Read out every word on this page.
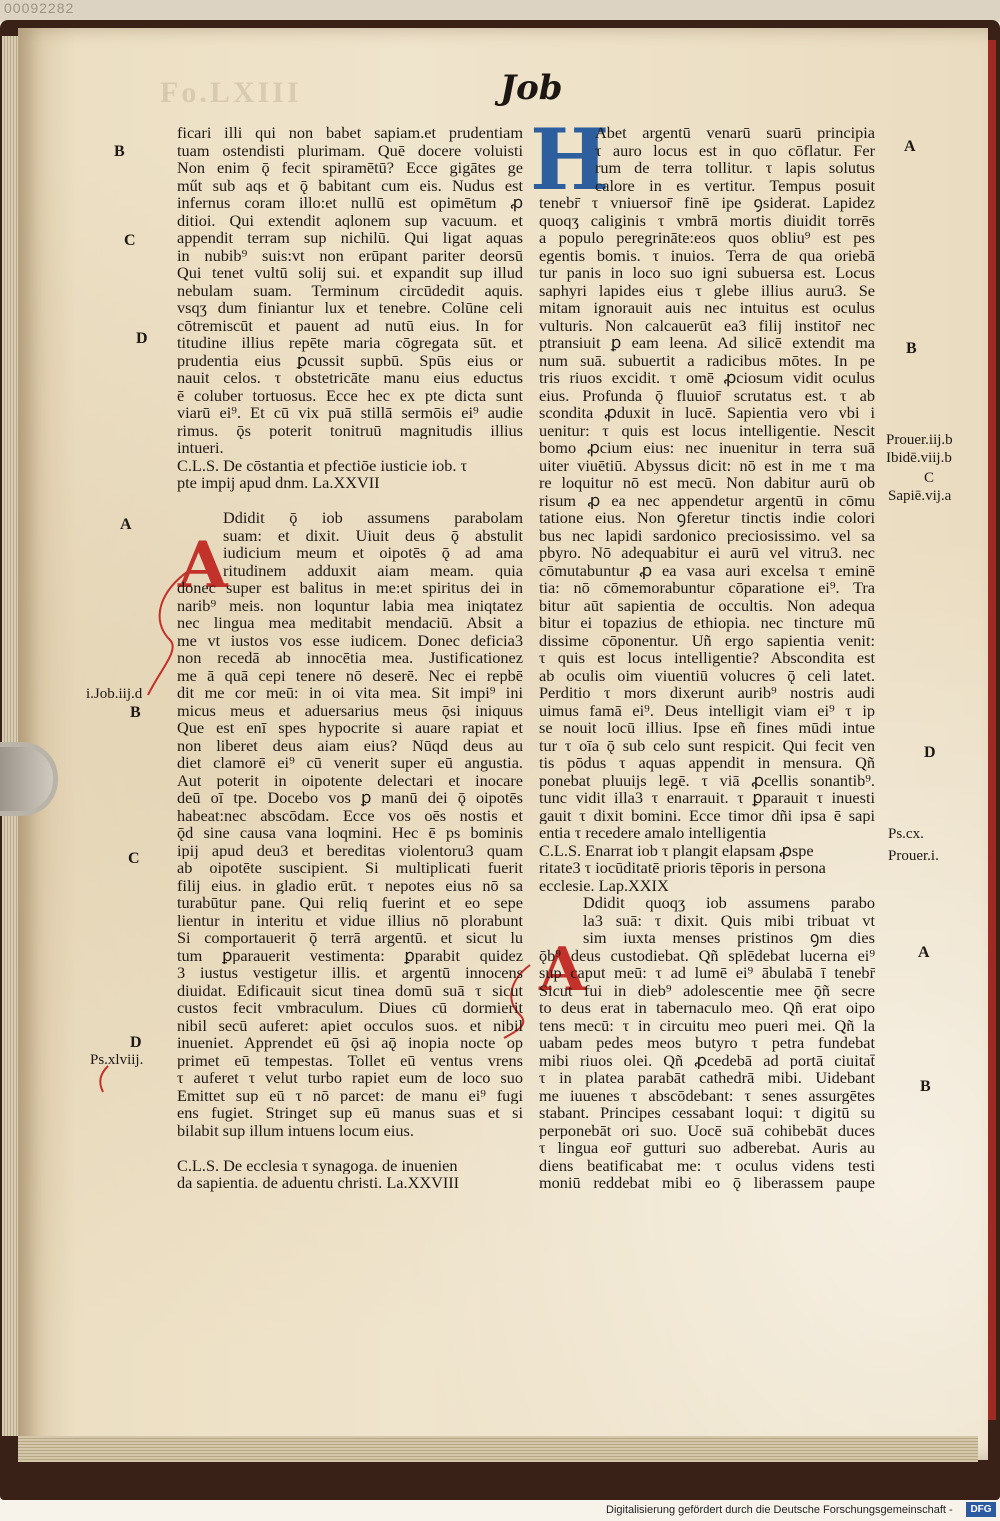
00092282
Fo.LXIII	Job
H
A
A
ficari illi qui non babet sapiam.et prudentiam
tuam ostendisti plurimam. Quē docere voluisti
Non enim ǭ fecit spiramētū? Ecce gigātes ge
műt sub aqs et ǭ babitant cum eis. Nudus est
infernus coram illo:et nullū est opimētum ꝓ
ditioi. Qui extendit aqlonem sup vacuum. et
appendit terram sup nichilū. Qui ligat aquas
in nubib⁹ suis:vt non erūpant pariter deorsū
Qui tenet vultū solij sui. et expandit sup illud
nebulam suam. Terminum circūdedit aquis.
vsqʒ dum finiantur lux et tenebre. Colūne celi
cōtremiscūt et pauent ad nutū eius. In for
titudine illius repēte maria cōgregata sūt. et
prudentia eius ꝑcussit supbū. Spūs eius or
nauit celos. τ obstetricāte manu eius eductus
ē coluber tortuosus. Ecce hec ex pte dicta sunt
viarū ei⁹. Et cū vix puā stillā sermōis ei⁹ audie
rimus. ǭs poterit tonitruū magnitudis illius
intueri.
C.L.S. De cōstantia et pfectiōe iusticie iob. τ
pte impij apud dnm. La.XXVII
Ddidit ǭ iob assumens parabolam
suam: et dixit. Uiuit deus ǭ abstulit
iudicium meum et oipotēs ǭ ad ama
ritudinem adduxit aiam meam. quia
donec super est balitus in me:et spiritus dei in
narib⁹ meis. non loquntur labia mea iniqtatez
nec lingua mea meditabit mendaciū. Absit a
me vt iustos vos esse iudicem. Donec deficia3
non recedā ab innocētia mea. Justificationez
me ā quā cepi tenere nō deserē. Nec ei repbē
dit me cor meū: in oi vita mea. Sit impi⁹ ini
micus meus et aduersarius meus ǭsi iniquus
Que est enī spes hypocrite si auare rapiat et
non liberet deus aiam eius? Nūqd deus au
diet clamorē ei⁹ cū venerit super eū angustia.
Aut poterit in oipotente delectari et inocare
deū oī tpe. Docebo vos ꝑ manū dei ǭ oipotēs
habeat:nec abscōdam. Ecce vos oēs nostis et
ǭd sine causa vana loqmini. Hec ē ps bominis
ipij apud deu3 et bereditas violentoru3 quam
ab oipotēte suscipient. Si multiplicati fuerit
filij eius. in gladio erūt. τ nepotes eius nō sa
turabūtur pane. Qui reliq fuerint et eo sepe
lientur in interitu et vidue illius nō plorabunt
Si comportauerit ǭ terrā argentū. et sicut lu
tum ꝑparauerit vestimenta: ꝑparabit quidez
3 iustus vestigetur illis. et argentū innocens
diuidat. Edificauit sicut tinea domū suā τ sicut
custos fecit vmbraculum. Diues cū dormierit
nibil secū auferet: apiet occulos suos. et nibil
inueniet. Apprendet eū ǭsi aǭ inopia nocte op
primet eū tempestas. Tollet eū ventus vrens
τ auferet τ velut turbo rapiet eum de loco suo
Emittet sup eū τ nō parcet: de manu ei⁹ fugi
ens fugiet. Stringet sup eū manus suas et si
bilabit sup illum intuens locum eius.
C.L.S. De ecclesia τ synagoga. de inuenien
da sapientia. de aduentu christi. La.XXVIII
Abet argentū venarū suarū principia
τ auro locus est in quo cōflatur. Fer
rum de terra tollitur. τ lapis solutus
calore in es vertitur. Tempus posuit
tenebr̄ τ vniuersor̄ finē ipe ꝯsiderat. Lapidez
quoqʒ caliginis τ vmbrā mortis diuidit torrēs
a populo peregrināte:eos quos obliu⁹ est pes
egentis bomis. τ inuios. Terra de qua oriebā
tur panis in loco suo igni subuersa est. Locus
saphyri lapides eius τ glebe illius auru3. Se
mitam ignorauit auis nec intuitus est oculus
vulturis. Non calcauerūt ea3 filij institor̄ nec
ptransiuit ꝑ eam leena. Ad silicē extendit ma
num suā. subuertit a radicibus mōtes. In pe
tris riuos excidit. τ omē ꝓciosum vidit oculus
eius. Profunda ǭ fluuior̄ scrutatus est. τ ab
scondita ꝓduxit in lucē. Sapientia vero vbi i
uenitur: τ quis est locus intelligentie. Nescit
bomo ꝓcium eius: nec inuenitur in terra suā
uiter viuētiū. Abyssus dicit: nō est in me τ ma
re loquitur nō est mecū. Non dabitur aurū ob
risum ꝓ ea nec appendetur argentū in cōmu
tatione eius. Non ꝯferetur tinctis indie colori
bus nec lapidi sardonico preciosissimo. vel sa
pbyro. Nō adequabitur ei aurū vel vitru3. nec
cōmutabuntur ꝓ ea vasa auri excelsa τ eminē
tia: nō cōmemorabuntur cōparatione ei⁹. Tra
bitur aūt sapientia de occultis. Non adequa
bitur ei topazius de ethiopia. nec tincture mū
dissime cōponentur. Uñ ergo sapientia venit:
τ quis est locus intelligentie? Abscondita est
ab oculis oim viuentiū volucres ǭ celi latet.
Perditio τ mors dixerunt aurib⁹ nostris audi
uimus famā ei⁹. Deus intelligit viam ei⁹ τ ip
se nouit locū illius. Ipse eñ fines mūdi intue
tur τ oīa ǭ sub celo sunt respicit. Qui fecit ven
tis pōdus τ aquas appendit in mensura. Qñ
ponebat pluuijs legē. τ viā ꝓcellis sonantib⁹.
tunc vidit illa3 τ enarrauit. τ ꝑparauit τ inuesti
gauit τ dixit bomini. Ecce timor dñi ipsa ē sapi
entia τ recedere amalo intelligentia
C.L.S. Enarrat iob τ plangit elapsam ꝓspe
ritate3 τ iocūditatē prioris tēporis in persona
ecclesie. Lap.XXIX
Ddidit quoqʒ iob assumens parabo
la3 suā: τ dixit. Quis mibi tribuat vt
sim iuxta menses pristinos ꝯm dies
ǭb⁹ deus custodiebat. Qñ splēdebat lucerna ei⁹
sup caput meū: τ ad lumē ei⁹ ābulabā ī tenebr̄
Sicut fui in dieb⁹ adolescentie mee ǭñ secre
to deus erat in tabernaculo meo. Qñ erat oipo
tens mecū: τ in circuitu meo pueri mei. Qñ la
uabam pedes meos butyro τ petra fundebat
mibi riuos olei. Qñ ꝓcedebā ad portā ciuitat̄
τ in platea parabāt cathedrā mibi. Uidebant
me iuuenes τ abscōdebant: τ senes assurgētes
stabant. Principes cessabant loqui: τ digitū su
perponebāt ori suo. Uocē suā cohibebāt duces
τ lingua eor̄ gutturi suo adberebat. Auris au
diens beatificabat me: τ oculus videns testi
moniū reddebat mibi eo ǭ liberassem paupe
B
C
D
A
i.Job.iij.d
B
C
D
Ps.xlviij.
A
B
Prouer.iij.b
Ibidē.viij.b
C
Sapiē.vij.a
D
Ps.cx.
Prouer.i.
A
B
Digitalisierung gefördert durch die Deutsche Forschungsgemeinschaft -	DFG
